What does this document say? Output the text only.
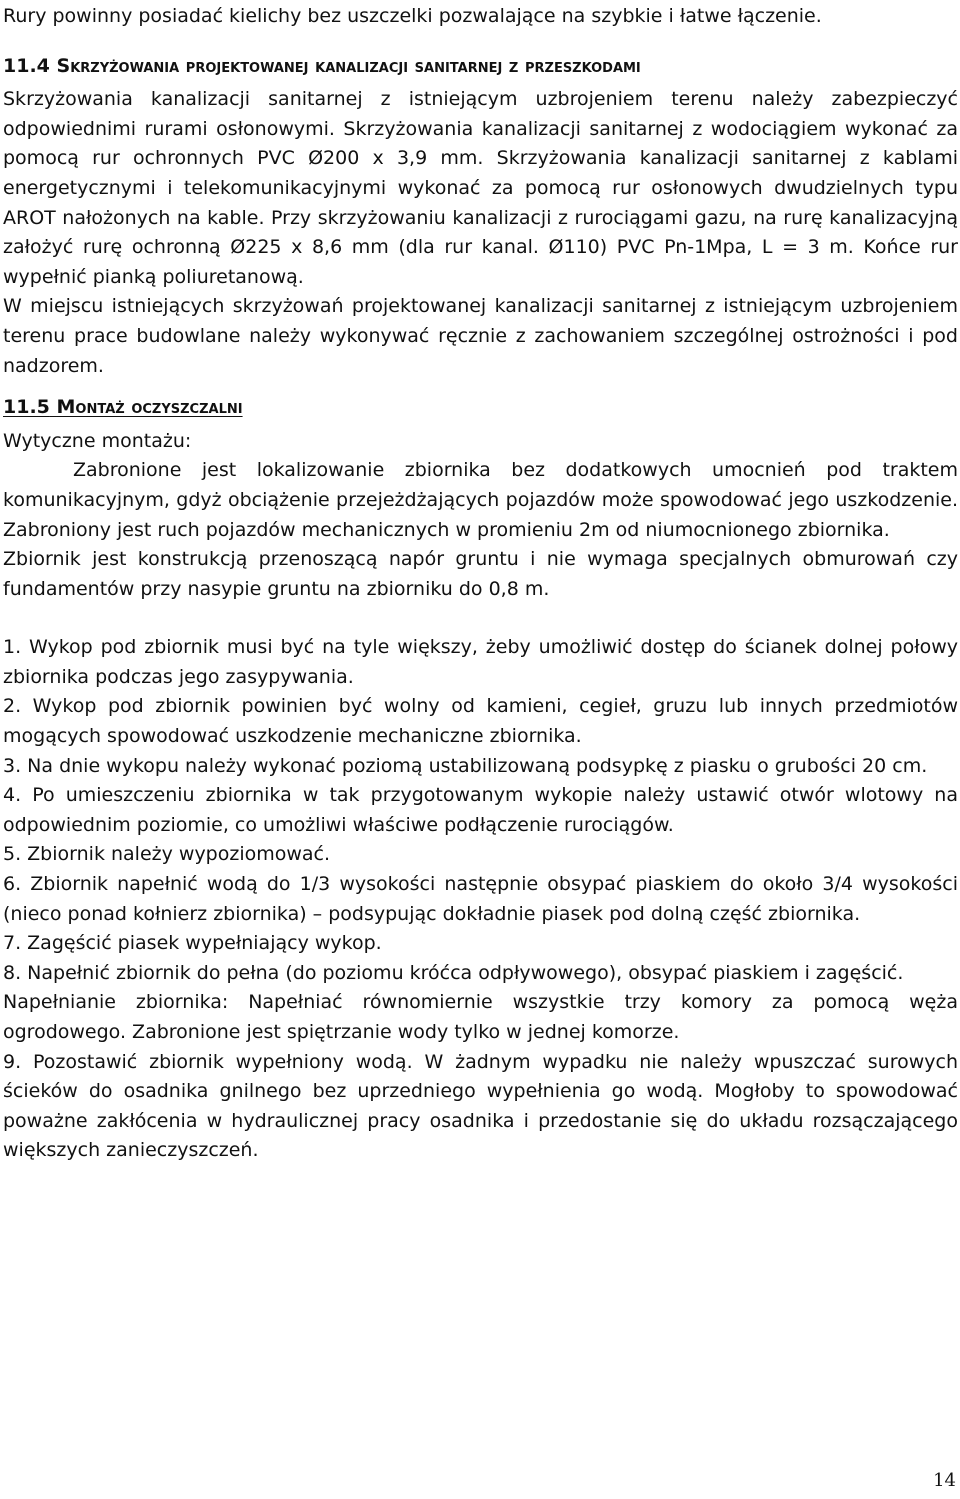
Rury powinny posiadać kielichy bez uszczelki pozwalające na szybkie i łatwe łączenie.

11.4 Skrzyżowania projektowanej kanalizacji sanitarnej z przeszkodami

Skrzyżowania kanalizacji sanitarnej z istniejącym uzbrojeniem terenu należy zabezpieczyć odpowiednimi rurami osłonowymi. Skrzyżowania kanalizacji sanitarnej z wodociągiem wykonać za pomocą rur ochronnych PVC Ø200 x 3,9 mm. Skrzyżowania kanalizacji sanitarnej z kablami energetycznymi i telekomunikacyjnymi wykonać za pomocą rur osłonowych dwudzielnych typu AROT nałożonych na kable. Przy skrzyżowaniu kanalizacji z rurociągami gazu, na rurę kanalizacyjną założyć rurę ochronną Ø225 x 8,6 mm (dla rur kanal. Ø110) PVC Pn-1Mpa, L = 3 m. Końce rur wypełnić pianką poliuretanową.

W miejscu istniejących skrzyżowań projektowanej kanalizacji sanitarnej z istniejącym uzbrojeniem terenu prace budowlane należy wykonywać ręcznie z zachowaniem szczególnej ostrożności i pod nadzorem.

11.5 Montaż oczyszczalni

Wytyczne montażu:

Zabronione jest lokalizowanie zbiornika bez dodatkowych umocnień pod traktem komunikacyjnym, gdyż obciążenie przejeżdżających pojazdów może spowodować jego uszkodzenie. Zabroniony jest ruch pojazdów mechanicznych w promieniu 2m od niumocnionego zbiornika.

Zbiornik jest konstrukcją przenoszącą napór gruntu i nie wymaga specjalnych obmurowań czy fundamentów przy nasypie gruntu na zbiorniku do 0,8 m.

1. Wykop pod zbiornik musi być na tyle większy, żeby umożliwić dostęp do ścianek dolnej połowy zbiornika podczas jego zasypywania.

2. Wykop pod zbiornik powinien być wolny od kamieni, cegieł, gruzu lub innych przedmiotów mogących spowodować uszkodzenie mechaniczne zbiornika.

3. Na dnie wykopu należy wykonać poziomą ustabilizowaną podsypkę z piasku o grubości 20 cm.

4. Po umieszczeniu zbiornika w tak przygotowanym wykopie należy ustawić otwór wlotowy na odpowiednim poziomie, co umożliwi właściwe podłączenie rurociągów.

5. Zbiornik należy wypoziomować.

6. Zbiornik napełnić wodą do 1/3 wysokości następnie obsypać piaskiem do około 3/4 wysokości (nieco ponad kołnierz zbiornika) – podsypując dokładnie piasek pod dolną część zbiornika.

7. Zagęścić piasek wypełniający wykop.

8. Napełnić zbiornik do pełna (do poziomu króćca odpływowego), obsypać piaskiem i zagęścić.

Napełnianie zbiornika: Napełniać równomiernie wszystkie trzy komory za pomocą węża ogrodowego. Zabronione jest spiętrzanie wody tylko w jednej komorze.

9. Pozostawić zbiornik wypełniony wodą. W żadnym wypadku nie należy wpuszczać surowych ścieków do osadnika gnilnego bez uprzedniego wypełnienia go wodą. Mogłoby to spowodować poważne zakłócenia w hydraulicznej pracy osadnika i przedostanie się do układu rozsączającego większych zanieczyszczeń.

14
